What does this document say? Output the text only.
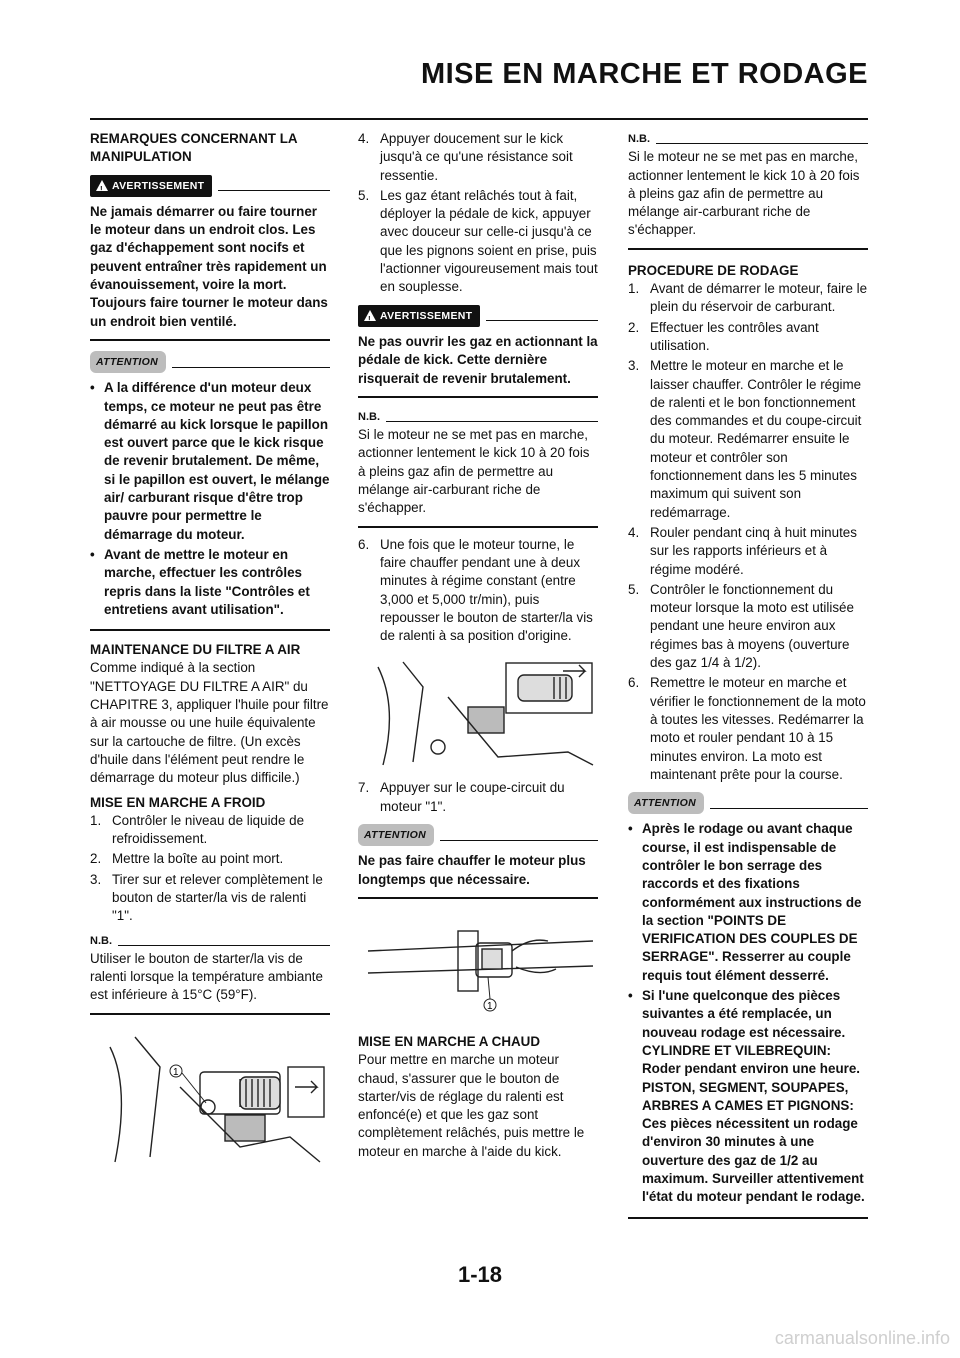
MISE EN MARCHE ET RODAGE
REMARQUES CONCERNANT LA MANIPULATION
!
AVERTISSEMENT
Ne jamais démarrer ou faire tourner le moteur dans un endroit clos. Les gaz d'échappement sont nocifs et peuvent entraîner très rapidement un évanouissement, voire la mort. Toujours faire tourner le moteur dans un endroit bien ventilé.
ATTENTION
• A la différence d'un moteur deux temps, ce moteur ne peut pas être démarré au kick lorsque le papillon est ouvert parce que le kick risque de revenir brutalement. De même, si le papillon est ouvert, le mélange air/ carburant risque d'être trop pauvre pour permettre le démarrage du moteur.
• Avant de mettre le moteur en marche, effectuer les contrôles repris dans la liste "Contrôles et entretiens avant utilisation".
MAINTENANCE DU FILTRE A AIR
Comme indiqué à la section "NETTOYAGE DU FILTRE A AIR" du CHAPITRE 3, appliquer l'huile pour filtre à air mousse ou une huile équivalente sur la cartouche de filtre. (Un excès d'huile dans l'élément peut rendre le démarrage du moteur plus difficile.)
MISE EN MARCHE A FROID
1. Contrôler le niveau de liquide de refroidissement.
2. Mettre la boîte au point mort.
3. Tirer sur et relever complètement le bouton de starter/la vis de ralenti "1".
N.B.
Utiliser le bouton de starter/la vis de ralenti lorsque la température ambiante est inférieure à 15°C (59°F).
1
4. Appuyer doucement sur le kick jusqu'à ce qu'une résistance soit ressentie.
5. Les gaz étant relâchés tout à fait, déployer la pédale de kick, appuyer avec douceur sur celle-ci jusqu'à ce que les pignons soient en prise, puis l'actionner vigoureusement mais tout en souplesse.
!
AVERTISSEMENT
Ne pas ouvrir les gaz en actionnant la pédale de kick. Cette dernière risquerait de revenir brutalement.
N.B.
Si le moteur ne se met pas en marche, actionner lentement le kick 10 à 20 fois à pleins gaz afin de permettre au mélange air-carburant riche de s'échapper.
6. Une fois que le moteur tourne, le faire chauffer pendant une à deux minutes à régime constant (entre 3,000 et 5,000 tr/min), puis repousser le bouton de starter/la vis de ralenti à sa position d'origine.
7. Appuyer sur le coupe-circuit du moteur "1".
ATTENTION
Ne pas faire chauffer le moteur plus longtemps que nécessaire.
1
MISE EN MARCHE A CHAUD
Pour mettre en marche un moteur chaud, s'assurer que le bouton de starter/vis de réglage du ralenti est enfoncé(e) et que les gaz sont complètement relâchés, puis mettre le moteur en marche à l'aide du kick.
N.B.
Si le moteur ne se met pas en marche, actionner lentement le kick 10 à 20 fois à pleins gaz afin de permettre au mélange air-carburant riche de s'échapper.
PROCEDURE DE RODAGE
1. Avant de démarrer le moteur, faire le plein du réservoir de carburant.
2. Effectuer les contrôles avant utilisation.
3. Mettre le moteur en marche et le laisser chauffer. Contrôler le régime de ralenti et le bon fonctionnement des commandes et du coupe-circuit du moteur. Redémarrer ensuite le moteur et contrôler son fonctionnement dans les 5 minutes maximum qui suivent son redémarrage.
4. Rouler pendant cinq à huit minutes sur les rapports inférieurs et à régime modéré.
5. Contrôler le fonctionnement du moteur lorsque la moto est utilisée pendant une heure environ aux régimes bas à moyens (ouverture des gaz 1/4 à 1/2).
6. Remettre le moteur en marche et vérifier le fonctionnement de la moto à toutes les vitesses. Redémarrer la moto et rouler pendant 10 à 15 minutes environ. La moto est maintenant prête pour la course.
ATTENTION
• Après le rodage ou avant chaque course, il est indispensable de contrôler le bon serrage des raccords et des fixations conformément aux instructions de la section "POINTS DE VERIFICATION DES COUPLES DE SERRAGE". Resserrer au couple requis tout élément desserré.
• Si l'une quelconque des pièces suivantes a été remplacée, un nouveau rodage est nécessaire.
CYLINDRE ET VILEBREQUIN:
Roder pendant environ une heure.
PISTON, SEGMENT, SOUPAPES, ARBRES A CAMES ET PIGNONS:
Ces pièces nécessitent un rodage d'environ 30 minutes à une ouverture des gaz de 1/2 au maximum. Surveiller attentivement l'état du moteur pendant le rodage.
1-18
carmanualsonline.info
